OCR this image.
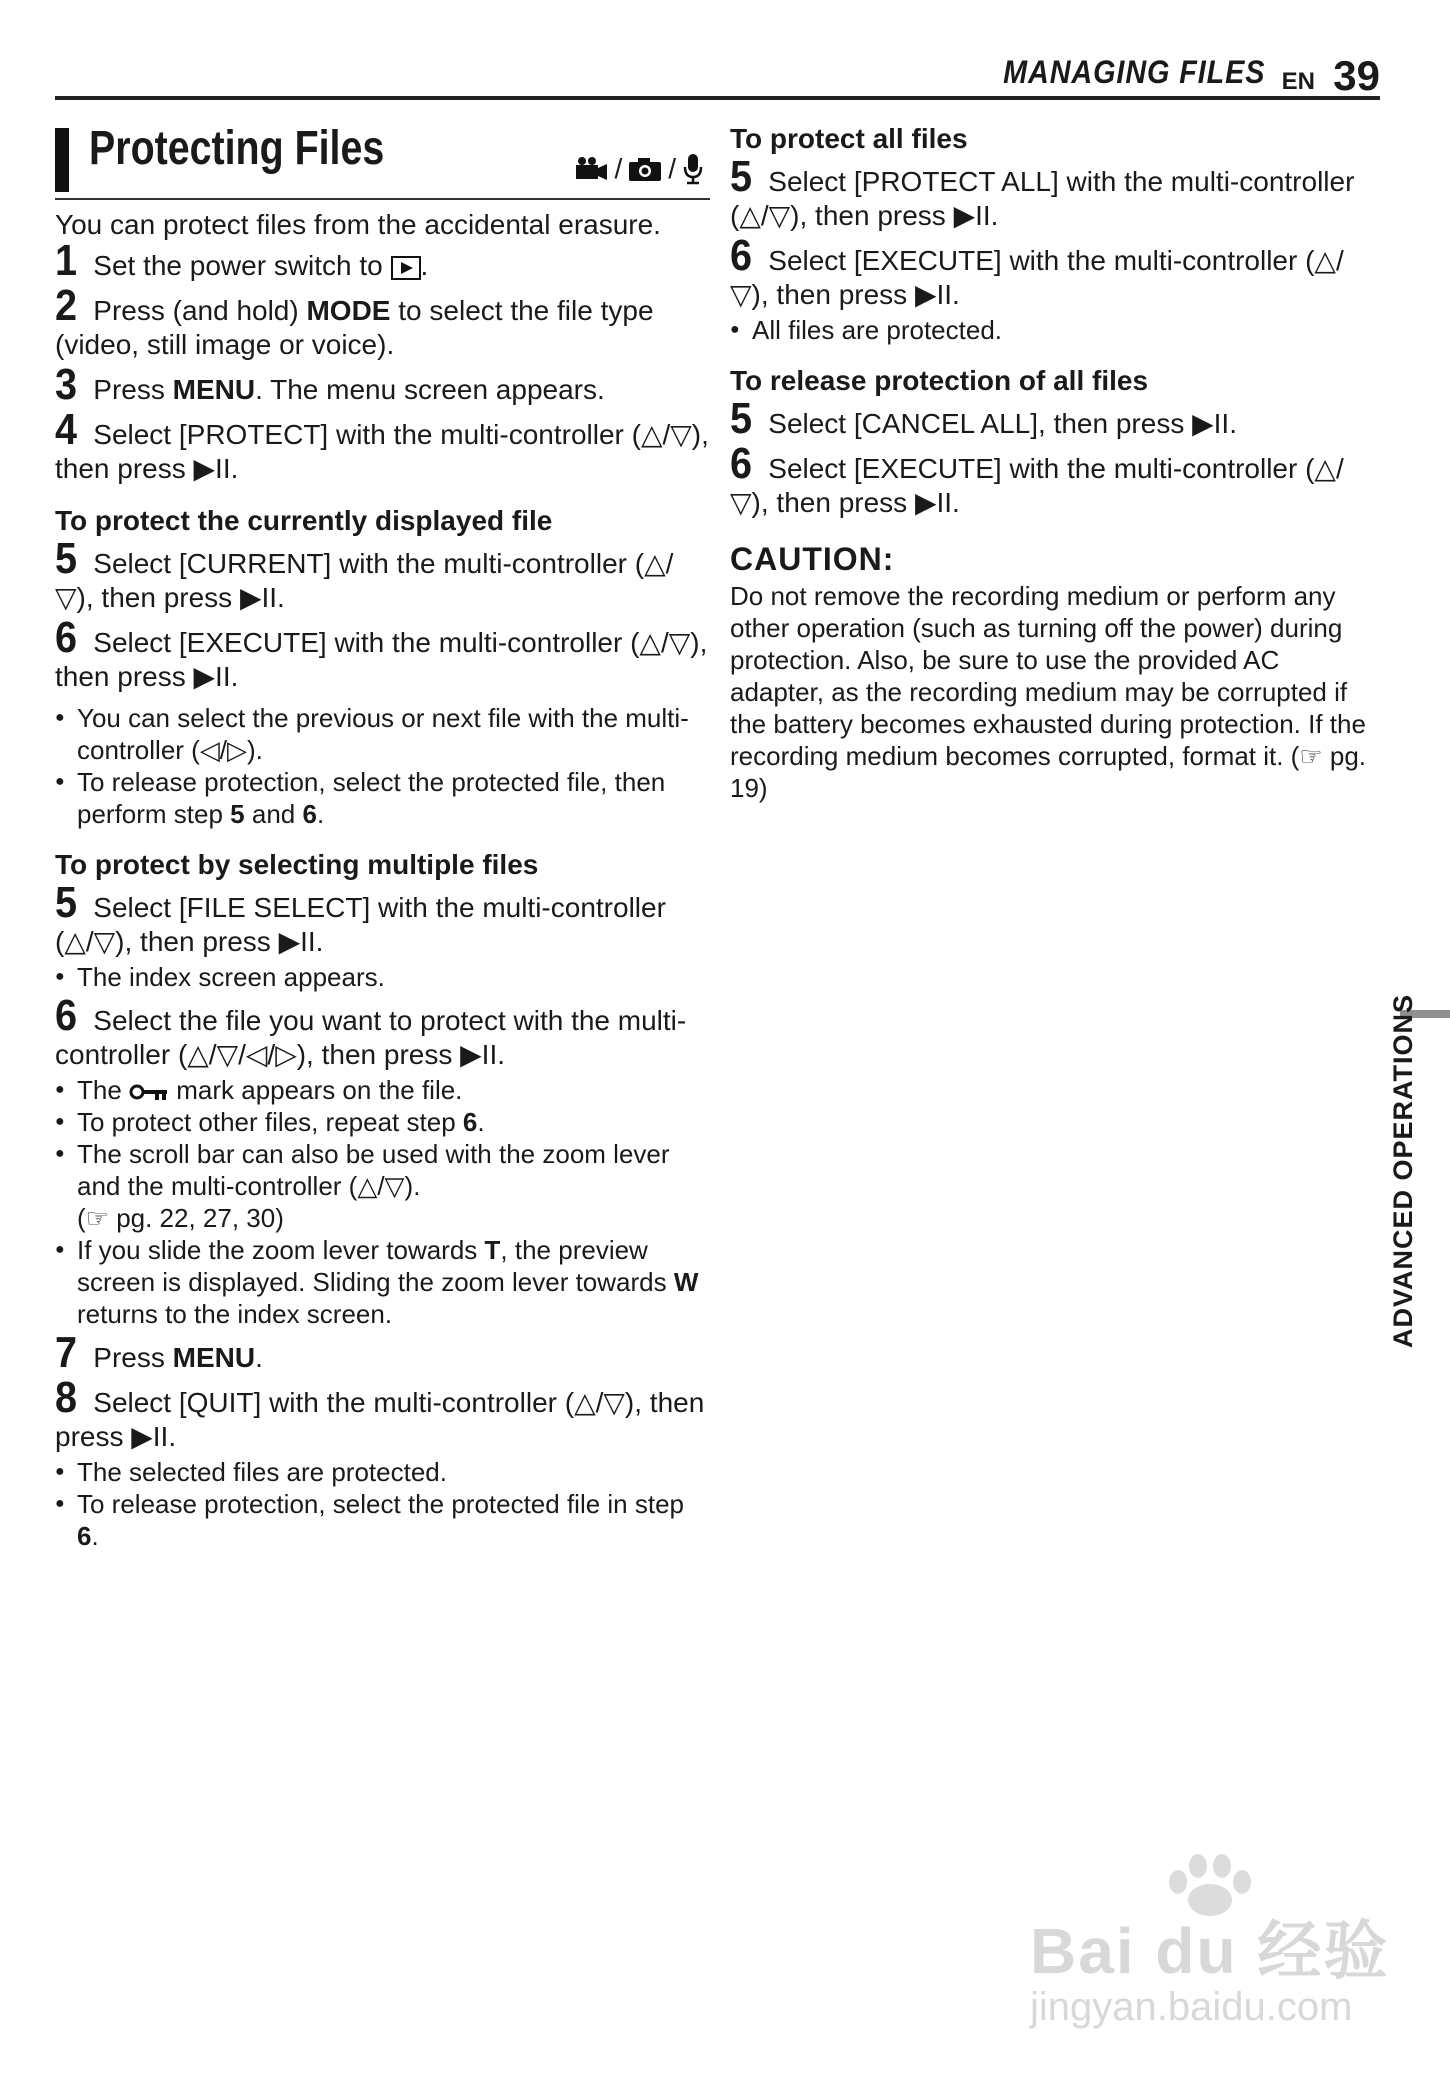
MANAGING FILES EN 39
Protecting Files	/ /

You can protect files from the accidental erasure.

1 Set the power switch to .

2 Press (and hold) MODE to select the file type (video, still image or voice).

3 Press MENU. The menu screen appears.

4 Select [PROTECT] with the multi-controller (△/▽), then press ▶II.

To protect the currently displayed file

5 Select [CURRENT] with the multi-controller (△/▽), then press ▶II.

6 Select [EXECUTE] with the multi-controller (△/▽), then press ▶II.

● You can select the previous or next file with the multi-controller (◁/▷).

● To release protection, select the protected file, then perform step 5 and 6.

To protect by selecting multiple files

5 Select [FILE SELECT] with the multi-controller (△/▽), then press ▶II.

● The index screen appears.

6 Select the file you want to protect with the multi-controller (△/▽/◁/▷), then press ▶II.

● The  mark appears on the file.

● To protect other files, repeat step 6.

● The scroll bar can also be used with the zoom lever and the multi-controller (△/▽).
(☞ pg. 22, 27, 30)

● If you slide the zoom lever towards T, the preview screen is displayed. Sliding the zoom lever towards W returns to the index screen.

7 Press MENU.

8 Select [QUIT] with the multi-controller (△/▽), then press ▶II.

● The selected files are protected.

● To release protection, select the protected file in step 6.

To protect all files

5 Select [PROTECT ALL] with the multi-controller (△/▽), then press ▶II.

6 Select [EXECUTE] with the multi-controller (△/▽), then press ▶II.

● All files are protected.

To release protection of all files

5 Select [CANCEL ALL], then press ▶II.

6 Select [EXECUTE] with the multi-controller (△/▽), then press ▶II.

CAUTION:

Do not remove the recording medium or perform any other operation (such as turning off the power) during protection. Also, be sure to use the provided AC adapter, as the recording medium may be corrupted if the battery becomes exhausted during protection. If the recording medium becomes corrupted, format it. (☞ pg. 19)

ADVANCED OPERATIONS
Bai du 经验
jingyan.baidu.com
